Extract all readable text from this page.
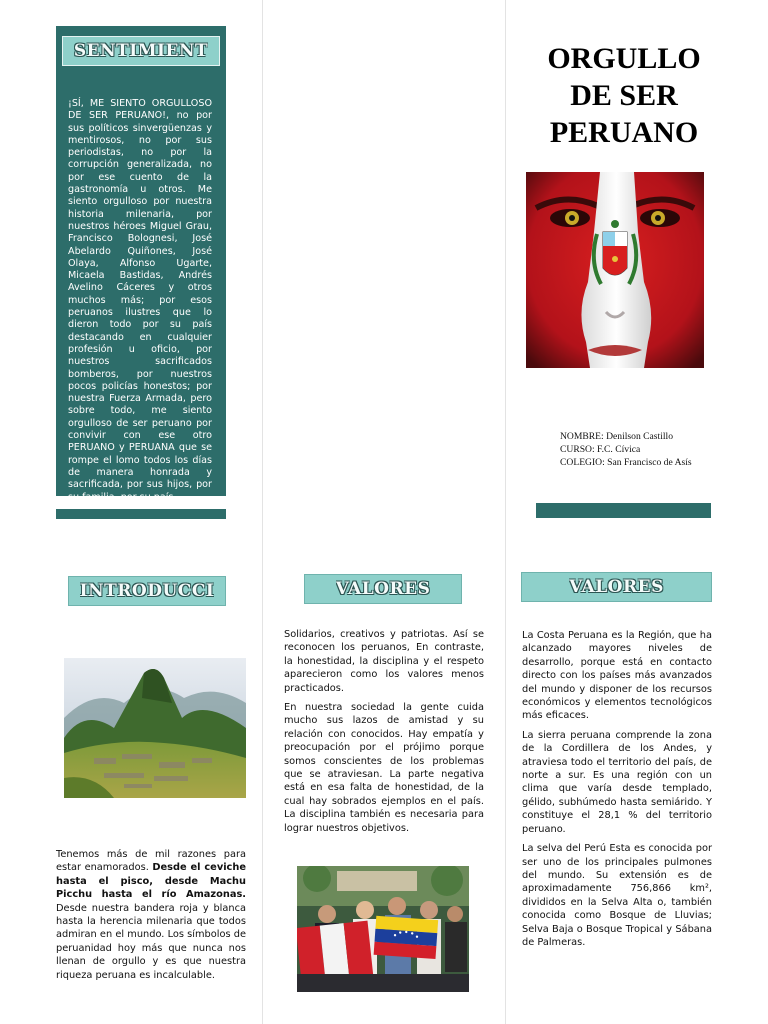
SENTIMIENT
¡SÍ, ME SIENTO ORGULLOSO DE SER PERUANO!, no por sus políticos sinvergüenzas y mentirosos, no por sus periodistas, no por la corrupción generalizada, no por ese cuento de la gastronomía u otros. Me siento orgulloso por nuestra historia milenaria, por nuestros héroes Miguel Grau, Francisco Bolognesi, José Abelardo Quiñones, José Olaya, Alfonso Ugarte, Micaela Bastidas, Andrés Avelino Cáceres y otros muchos más; por esos peruanos ilustres que lo dieron todo por su país destacando en cualquier profesión u oficio, por nuestros sacrificados bomberos, por nuestros pocos policías honestos; por nuestra Fuerza Armada, pero sobre todo, me siento orgulloso de ser peruano por convivir con ese otro PERUANO y PERUANA que se rompe el lomo todos los días de manera honrada y sacrificada, por sus hijos, por su familia, por su país.
INTRODUCCI
Tenemos más de mil razones para estar enamorados. Desde el ceviche hasta el pisco, desde Machu Picchu hasta el río Amazonas. Desde nuestra bandera roja y blanca hasta la herencia milenaria que todos admiran en el mundo. Los símbolos de peruanidad hoy más que nunca nos llenan de orgullo y es que nuestra riqueza peruana es incalculable.
VALORES

Solidarios, creativos y patriotas. Así se reconocen los peruanos, En contraste, la honestidad, la disciplina y el respeto aparecieron como los valores menos practicados.

En nuestra sociedad la gente cuida mucho sus lazos de amistad y su relación con conocidos. Hay empatía y preocupación por el prójimo porque somos conscientes de los problemas que se atraviesan. La parte negativa está en esa falta de honestidad, de la cual hay sobrados ejemplos en el país. La disciplina también es necesaria para lograr nuestros objetivos.

ORGULLO
DE SER
PERUANO
NOMBRE: Denilson Castillo
CURSO: F.C. Cívica
COLEGIO: San Francisco de Asís
VALORES

La Costa Peruana es la Región, que ha alcanzado mayores niveles de desarrollo, porque está en contacto directo con los países más avanzados del mundo y disponer de los recursos económicos y elementos tecnológicos más eficaces.

La sierra peruana comprende la zona de la Cordillera de los Andes, y atraviesa todo el territorio del país, de norte a sur. Es una región con un clima que varía desde templado, gélido, subhúmedo hasta semiárido. Y constituye el 28,1 % del territorio peruano.

La selva del Perú Esta es conocida por ser uno de los principales pulmones del mundo. Su extensión es de aproximadamente 756,866 km², divididos en la Selva Alta o, también conocida como Bosque de Lluvias; Selva Baja o Bosque Tropical y Sábana de Palmeras.
